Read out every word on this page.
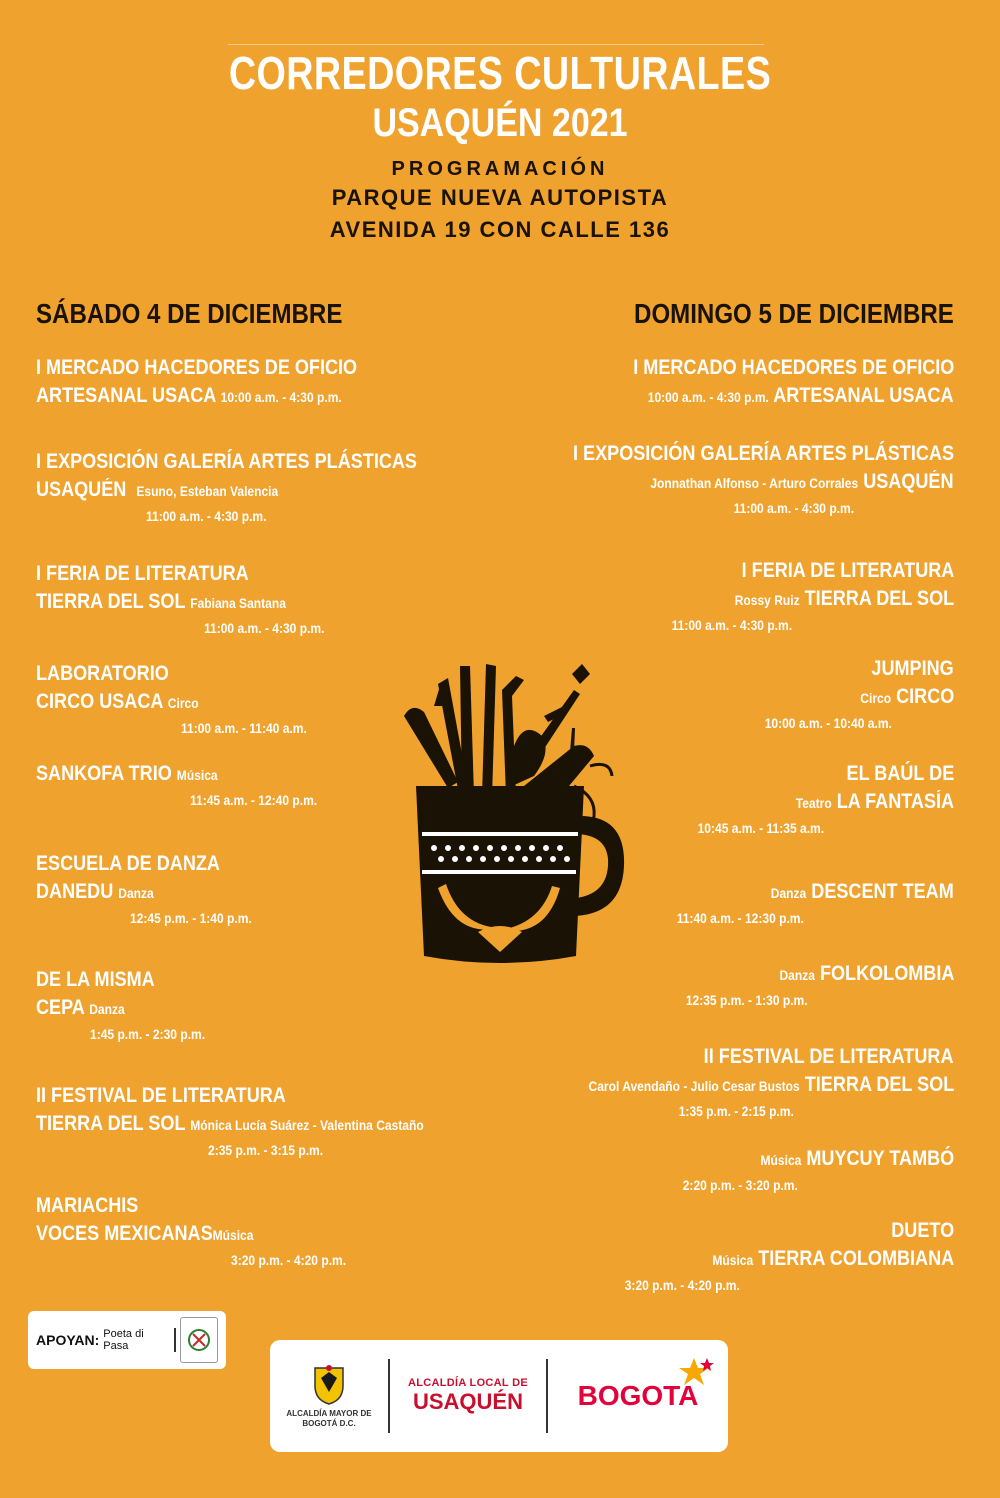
CORREDORES CULTURALES
USAQUÉN 2021
PROGRAMACIÓN
PARQUE NUEVA AUTOPISTA
AVENIDA 19 CON CALLE 136
SÁBADO 4 DE DICIEMBRE	DOMINGO 5 DE DICIEMBRE
I MERCADO HACEDORES DE OFICIO
ARTESANAL USACA 10:00 a.m. - 4:30 p.m.
I EXPOSICIÓN GALERÍA ARTES PLÁSTICAS
USAQUÉN Esuno, Esteban Valencia
11:00 a.m. - 4:30 p.m.
I FERIA DE LITERATURA
TIERRA DEL SOL Fabiana Santana
11:00 a.m. - 4:30 p.m.
LABORATORIO
CIRCO USACA Circo
11:00 a.m. - 11:40 a.m.
SANKOFA TRIO Música
11:45 a.m. - 12:40 p.m.
ESCUELA DE DANZA
DANEDU Danza
12:45 p.m. - 1:40 p.m.
DE LA MISMA
CEPA Danza
1:45 p.m. - 2:30 p.m.
II FESTIVAL DE LITERATURA
TIERRA DEL SOL Mónica Lucía Suárez - Valentina Castaño
2:35 p.m. - 3:15 p.m.
MARIACHIS
VOCES MEXICANASMúsica
3:20 p.m. - 4:20 p.m.
I MERCADO HACEDORES DE OFICIO
10:00 a.m. - 4:30 p.m. ARTESANAL USACA
I EXPOSICIÓN GALERÍA ARTES PLÁSTICAS
Jonnathan Alfonso - Arturo Corrales USAQUÉN
11:00 a.m. - 4:30 p.m.
I FERIA DE LITERATURA
Rossy Ruiz TIERRA DEL SOL
11:00 a.m. - 4:30 p.m.
JUMPING
Circo CIRCO
10:00 a.m. - 10:40 a.m.
EL BAÚL DE
Teatro LA FANTASÍA
10:45 a.m. - 11:35 a.m.
Danza DESCENT TEAM
11:40 a.m. - 12:30 p.m.
Danza FOLKOLOMBIA
12:35 p.m. - 1:30 p.m.
II FESTIVAL DE LITERATURA
Carol Avendaño - Julio Cesar Bustos TIERRA DEL SOL
1:35 p.m. - 2:15 p.m.
Música MUYCUY TAMBÓ
2:20 p.m. - 3:20 p.m.
DUETO
Música TIERRA COLOMBIANA
3:20 p.m. - 4:20 p.m.
APOYAN: Poeta di Pasa
ALCALDÍA MAYOR DE BOGOTÁ D.C.
ALCALDÍA LOCAL DE
USAQUÉN	BOGOTA
